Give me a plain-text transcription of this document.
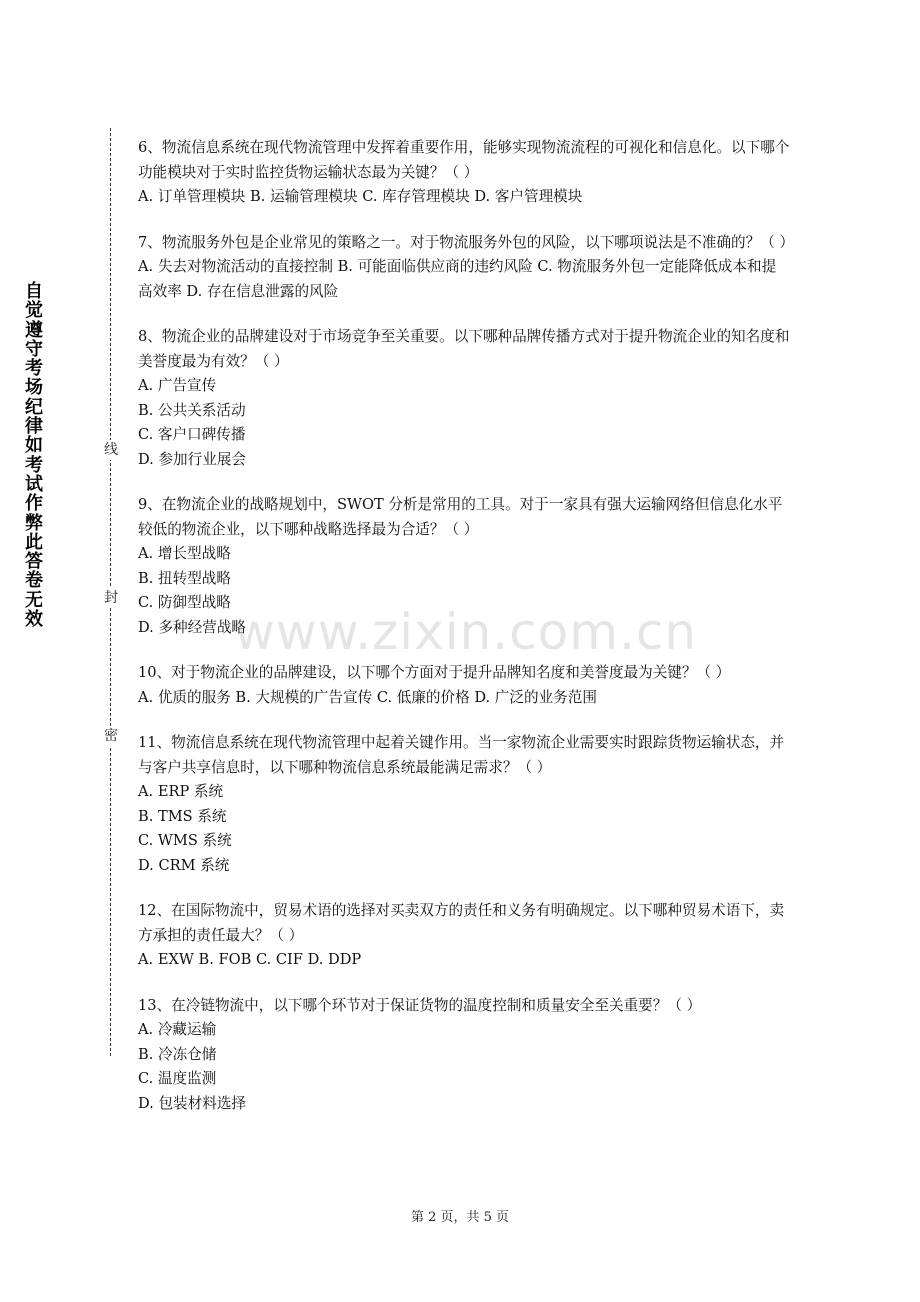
自
觉
遵
守
考
场
纪
律
如
考
试
作
弊
此
答
卷
无
效
线
封
密
www.zixin.com.cn

6、物流信息系统在现代物流管理中发挥着重要作用，能够实现物流流程的可视化和信息化。以下哪个功能模块对于实时监控货物运输状态最为关键？（ ）

A. 订单管理模块 B. 运输管理模块 C. 库存管理模块 D. 客户管理模块

7、物流服务外包是企业常见的策略之一。对于物流服务外包的风险，以下哪项说法是不准确的？（ ）

A. 失去对物流活动的直接控制 B. 可能面临供应商的违约风险 C. 物流服务外包一定能降低成本和提高效率 D. 存在信息泄露的风险

8、物流企业的品牌建设对于市场竞争至关重要。以下哪种品牌传播方式对于提升物流企业的知名度和美誉度最为有效？（ ）

A. 广告宣传

B. 公共关系活动

C. 客户口碑传播

D. 参加行业展会

9、在物流企业的战略规划中，SWOT 分析是常用的工具。对于一家具有强大运输网络但信息化水平较低的物流企业，以下哪种战略选择最为合适？（ ）

A. 增长型战略

B. 扭转型战略

C. 防御型战略

D. 多种经营战略

10、对于物流企业的品牌建设，以下哪个方面对于提升品牌知名度和美誉度最为关键？（ ）

A. 优质的服务 B. 大规模的广告宣传 C. 低廉的价格 D. 广泛的业务范围

11、物流信息系统在现代物流管理中起着关键作用。当一家物流企业需要实时跟踪货物运输状态，并与客户共享信息时，以下哪种物流信息系统最能满足需求？（ ）

A. ERP 系统

B. TMS 系统

C. WMS 系统

D. CRM 系统

12、在国际物流中，贸易术语的选择对买卖双方的责任和义务有明确规定。以下哪种贸易术语下，卖方承担的责任最大？（ ）

A. EXW B. FOB C. CIF D. DDP

13、在冷链物流中，以下哪个环节对于保证货物的温度控制和质量安全至关重要？（ ）

A. 冷藏运输

B. 冷冻仓储

C. 温度监测

D. 包装材料选择

第 2 页，共 5 页
